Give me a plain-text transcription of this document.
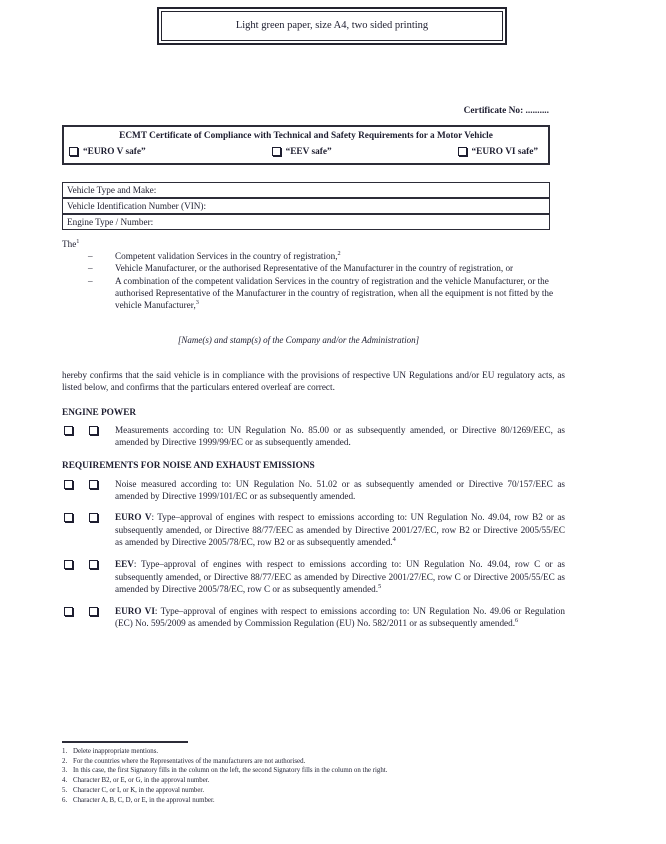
Light green paper, size A4, two sided printing
Certificate No: ..........
ECMT Certificate of Compliance with Technical and Safety Requirements for a Motor Vehicle
“EURO V safe”	“EEV safe”	“EURO VI safe”
Vehicle Type and Make:
Vehicle Identification Number (VIN):
Engine Type / Number:
The$^1$
–	Competent validation Services in the country of registration,$^2$
–	Vehicle Manufacturer, or the authorised Representative of the Manufacturer in the country of registration, or
–	A combination of the competent validation Services in the country of registration and the vehicle Manufacturer, or the authorised Representative of the Manufacturer in the country of registration, when all the equipment is not fitted by the vehicle Manufacturer,$^3$
[Name(s) and stamp(s) of the Company and/or the Administration]
hereby confirms that the said vehicle is in compliance with the provisions of respective UN Regulations and/or EU regulatory acts, as listed below, and confirms that the particulars entered overleaf are correct.
ENGINE POWER
Measurements according to: UN Regulation No. 85.00 or as subsequently amended, or Directive 80/1269/EEC, as amended by Directive 1999/99/EC or as subsequently amended.
REQUIREMENTS FOR NOISE AND EXHAUST EMISSIONS
Noise measured according to: UN Regulation No. 51.02 or as subsequently amended or Directive 70/157/EEC as amended by Directive 1999/101/EC or as subsequently amended.
EURO V: Type–approval of engines with respect to emissions according to: UN Regulation No. 49.04, row B2 or as subsequently amended, or Directive 88/77/EEC as amended by Directive 2001/27/EC, row B2 or Directive 2005/55/EC as amended by Directive 2005/78/EC, row B2 or as subsequently amended.$^4$
EEV: Type–approval of engines with respect to emissions according to: UN Regulation No. 49.04, row C or as subsequently amended, or Directive 88/77/EEC as amended by Directive 2001/27/EC, row C or Directive 2005/55/EC as amended by Directive 2005/78/EC, row C or as subsequently amended.$^5$
EURO VI: Type–approval of engines with respect to emissions according to: UN Regulation No. 49.06 or Regulation (EC) No. 595/2009 as amended by Commission Regulation (EU) No. 582/2011 or as subsequently amended.$^6$
1. Delete inappropriate mentions.
2. For the countries where the Representatives of the manufacturers are not authorised.
3. In this case, the first Signatory fills in the column on the left, the second Signatory fills in the column on the right.
4. Character B2, or E, or G, in the approval number.
5. Character C, or I, or K, in the approval number.
6. Character A, B, C, D, or E, in the approval number.
